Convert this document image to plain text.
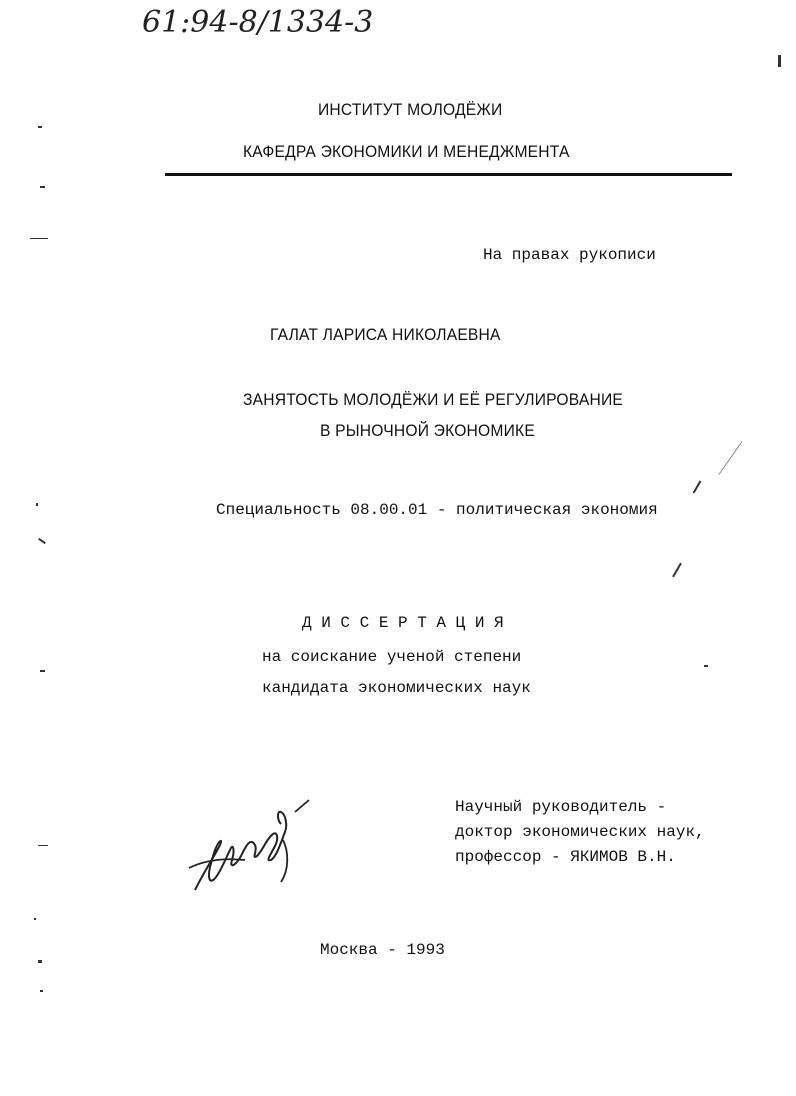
61:94-8/1334-3
ИНСТИТУТ МОЛОДЁЖИ
КАФЕДРА ЭКОНОМИКИ И МЕНЕДЖМЕНТА
На правах рукописи
ГАЛАТ ЛАРИСА НИКОЛАЕВНА
ЗАНЯТОСТЬ МОЛОДЁЖИ И ЕЁ РЕГУЛИРОВАНИЕ
В РЫНОЧНОЙ ЭКОНОМИКЕ
Специальность 08.00.01 - политическая экономия
Д И С С Е Р Т А Ц И Я
на соискание ученой степени
кандидата экономических наук
Научный руководитель -
доктор экономических наук,
профессор - ЯКИМОВ В.Н.
Москва - 1993
